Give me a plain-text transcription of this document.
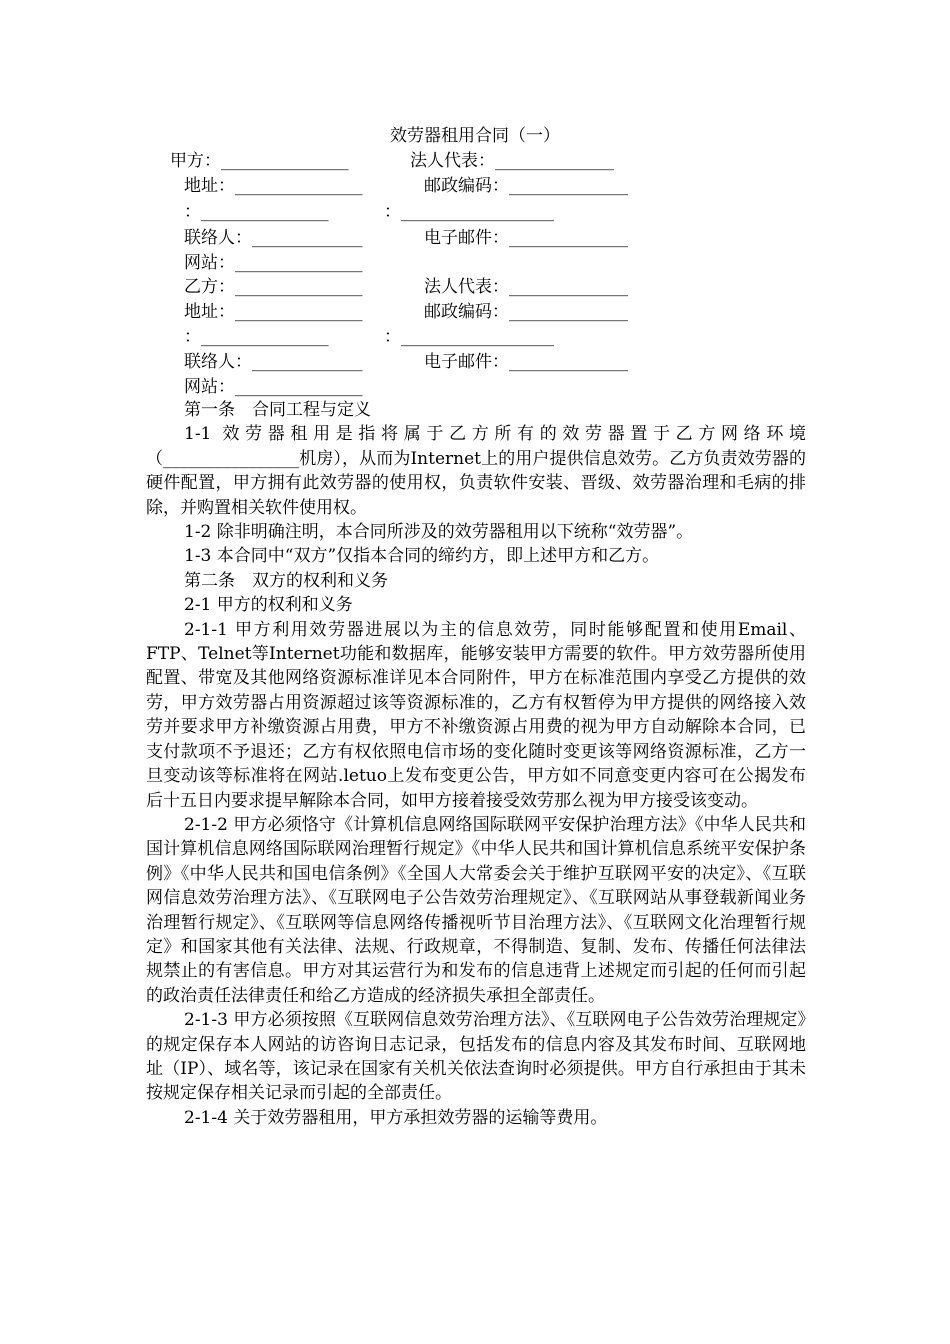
效劳器租用合同（一）
甲方：_______________	法人代表：______________
地址：_______________	邮政编码：______________
：_______________	：__________________
联络人：_____________	电子邮件：______________
网站：_______________
乙方：_______________	法人代表：______________
地址：_______________	邮政编码：______________
：_______________	：__________________
联络人：_____________	电子邮件：______________
网站：_______________

第一条　合同工程与定义

1-1 效劳器租用是指将属于乙方所有的效劳器置于乙方网络环境（________________机房），从而为Internet上的用户提供信息效劳。乙方负责效劳器的硬件配置，甲方拥有此效劳器的使用权，负责软件安装、晋级、效劳器治理和毛病的排除，并购置相关软件使用权。

1-2 除非明确注明，本合同所涉及的效劳器租用以下统称“效劳器”。

1-3 本合同中“双方”仅指本合同的缔约方，即上述甲方和乙方。

第二条　双方的权利和义务

2-1 甲方的权利和义务

2-1-1 甲方利用效劳器进展以为主的信息效劳，同时能够配置和使用Email、FTP、Telnet等Internet功能和数据库，能够安装甲方需要的软件。甲方效劳器所使用配置、带宽及其他网络资源标准详见本合同附件，甲方在标准范围内享受乙方提供的效劳，甲方效劳器占用资源超过该等资源标准的，乙方有权暂停为甲方提供的网络接入效劳并要求甲方补缴资源占用费，甲方不补缴资源占用费的视为甲方自动解除本合同，已支付款项不予退还；乙方有权依照电信市场的变化随时变更该等网络资源标准，乙方一旦变动该等标准将在网站.letuo上发布变更公告，甲方如不同意变更内容可在公揭发布后十五日内要求提早解除本合同，如甲方接着接受效劳那么视为甲方接受该变动。

2-1-2 甲方必须恪守《计算机信息网络国际联网平安保护治理方法》《中华人民共和国计算机信息网络国际联网治理暂行规定》《中华人民共和国计算机信息系统平安保护条例》《中华人民共和国电信条例》《全国人大常委会关于维护互联网平安的决定》、《互联网信息效劳治理方法》、《互联网电子公告效劳治理规定》、《互联网站从事登载新闻业务治理暂行规定》、《互联网等信息网络传播视听节目治理方法》、《互联网文化治理暂行规定》和国家其他有关法律、法规、行政规章，不得制造、复制、发布、传播任何法律法规禁止的有害信息。甲方对其运营行为和发布的信息违背上述规定而引起的任何而引起的政治责任法律责任和给乙方造成的经济损失承担全部责任。

2-1-3 甲方必须按照《互联网信息效劳治理方法》、《互联网电子公告效劳治理规定》的规定保存本人网站的访咨询日志记录，包括发布的信息内容及其发布时间、互联网地址（IP）、域名等，该记录在国家有关机关依法查询时必须提供。甲方自行承担由于其未按规定保存相关记录而引起的全部责任。

2-1-4 关于效劳器租用，甲方承担效劳器的运输等费用。
